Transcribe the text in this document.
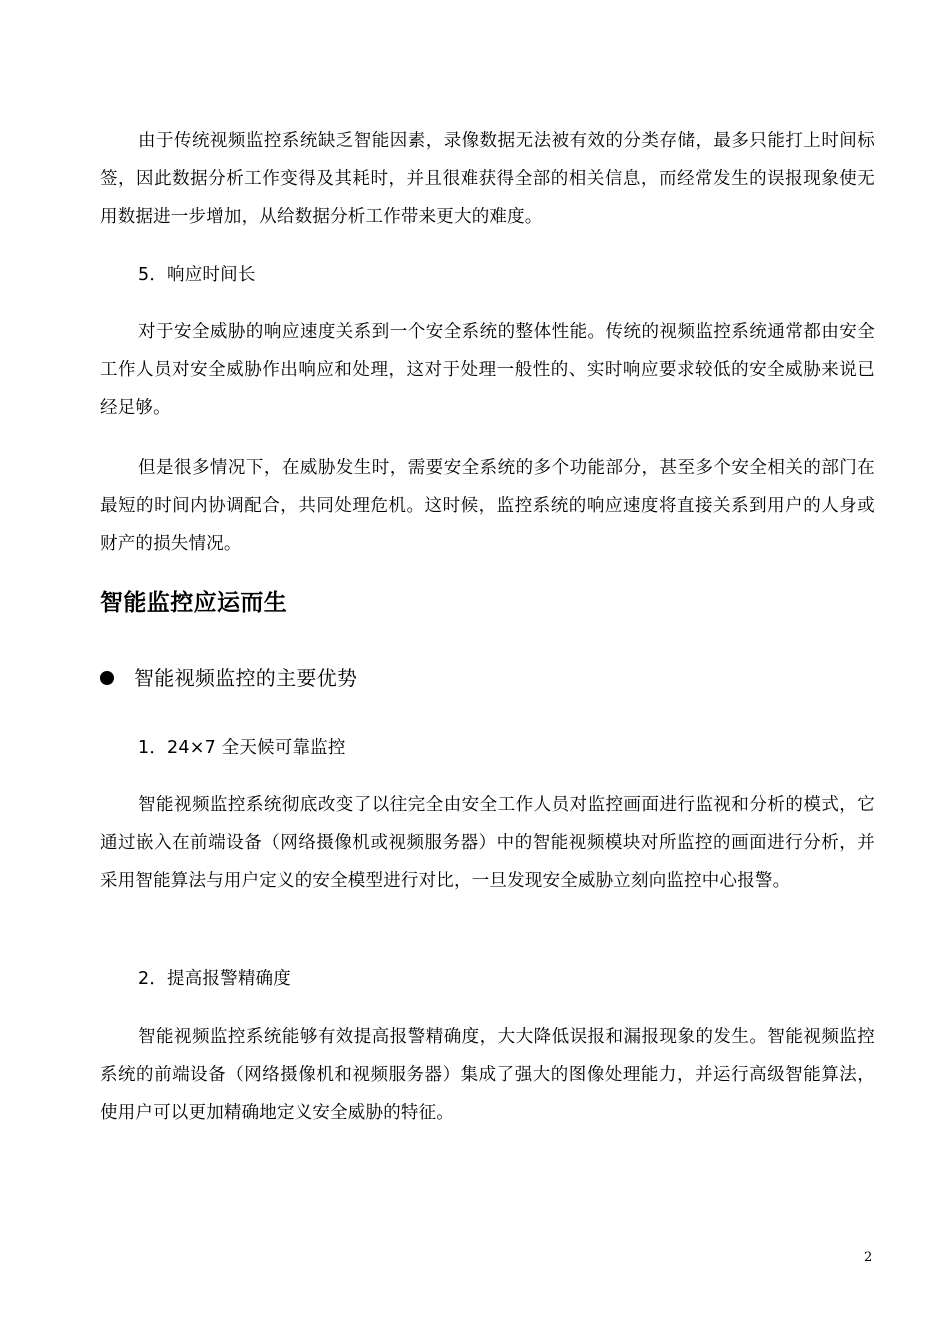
由于传统视频监控系统缺乏智能因素，录像数据无法被有效的分类存储，最多只能打上时间标签，因此数据分析工作变得及其耗时，并且很难获得全部的相关信息，而经常发生的误报现象使无用数据进一步增加，从给数据分析工作带来更大的难度。

5．响应时间长

对于安全威胁的响应速度关系到一个安全系统的整体性能。传统的视频监控系统通常都由安全工作人员对安全威胁作出响应和处理，这对于处理一般性的、实时响应要求较低的安全威胁来说已经足够。

但是很多情况下，在威胁发生时，需要安全系统的多个功能部分，甚至多个安全相关的部门在最短的时间内协调配合，共同处理危机。这时候，监控系统的响应速度将直接关系到用户的人身或财产的损失情况。

智能监控应运而生
智能视频监控的主要优势

1．24×7 全天候可靠监控

智能视频监控系统彻底改变了以往完全由安全工作人员对监控画面进行监视和分析的模式，它通过嵌入在前端设备（网络摄像机或视频服务器）中的智能视频模块对所监控的画面进行分析，并采用智能算法与用户定义的安全模型进行对比，一旦发现安全威胁立刻向监控中心报警。

2．提高报警精确度

智能视频监控系统能够有效提高报警精确度，大大降低误报和漏报现象的发生。智能视频监控系统的前端设备（网络摄像机和视频服务器）集成了强大的图像处理能力，并运行高级智能算法，使用户可以更加精确地定义安全威胁的特征。

2
